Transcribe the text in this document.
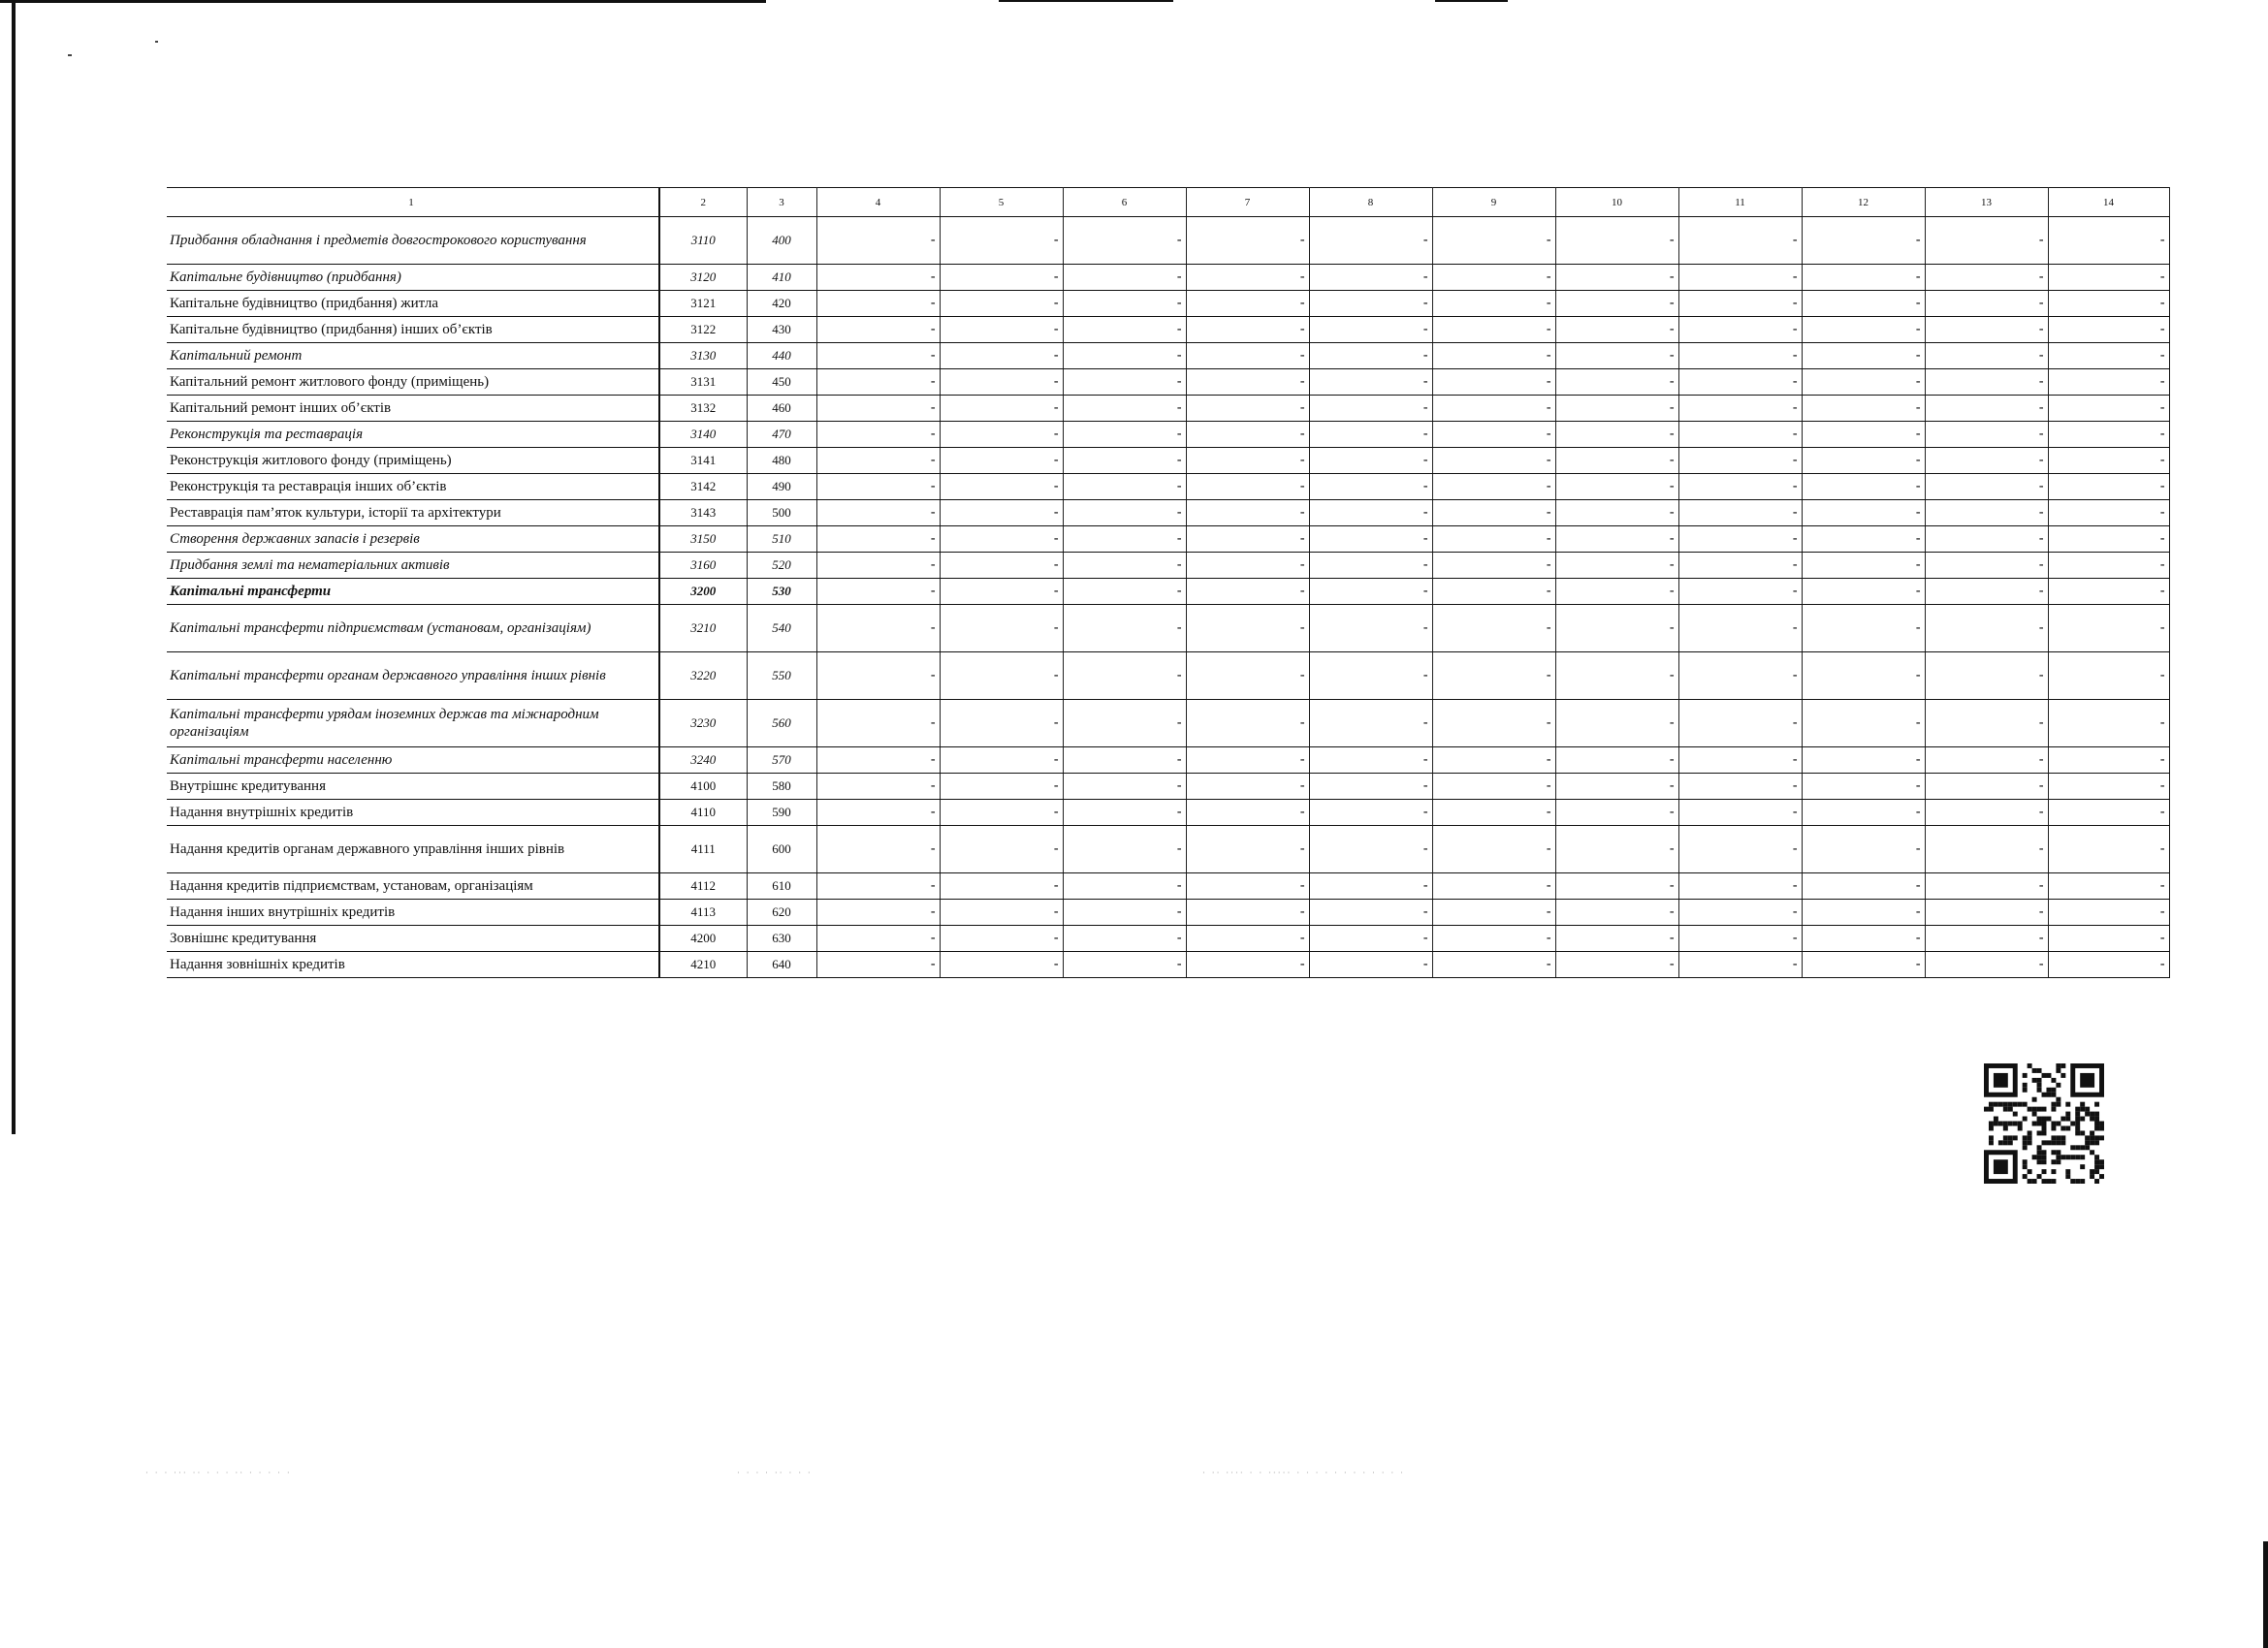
1	2	3	4	5	6	7	8	9	10	11	12	13	14
Придбання обладнання і предметів довгострокового користування	3110	400	-	-	-	-	-	-	-	-	-	-	-
Капітальне будівництво (придбання)	3120	410	-	-	-	-	-	-	-	-	-	-	-
Капітальне будівництво (придбання) житла	3121	420	-	-	-	-	-	-	-	-	-	-	-
Капітальне будівництво (придбання) інших об’єктів	3122	430	-	-	-	-	-	-	-	-	-	-	-
Капітальний ремонт	3130	440	-	-	-	-	-	-	-	-	-	-	-
Капітальний ремонт житлового фонду (приміщень)	3131	450	-	-	-	-	-	-	-	-	-	-	-
Капітальний ремонт інших об’єктів	3132	460	-	-	-	-	-	-	-	-	-	-	-
Реконструкція та реставрація	3140	470	-	-	-	-	-	-	-	-	-	-	-
Реконструкція житлового фонду (приміщень)	3141	480	-	-	-	-	-	-	-	-	-	-	-
Реконструкція та реставрація інших об’єктів	3142	490	-	-	-	-	-	-	-	-	-	-	-
Реставрація пам’яток культури, історії та архітектури	3143	500	-	-	-	-	-	-	-	-	-	-	-
Створення державних запасів і резервів	3150	510	-	-	-	-	-	-	-	-	-	-	-
Придбання землі та нематеріальних активів	3160	520	-	-	-	-	-	-	-	-	-	-	-
Капітальні трансферти	3200	530	-	-	-	-	-	-	-	-	-	-	-
Капітальні трансферти підприємствам (установам, організаціям)	3210	540	-	-	-	-	-	-	-	-	-	-	-
Капітальні трансферти органам державного управління інших рівнів	3220	550	-	-	-	-	-	-	-	-	-	-	-
Капітальні трансферти урядам іноземних держав та міжнародним організаціям	3230	560	-	-	-	-	-	-	-	-	-	-	-
Капітальні трансферти населенню	3240	570	-	-	-	-	-	-	-	-	-	-	-
Внутрішнє кредитування	4100	580	-	-	-	-	-	-	-	-	-	-	-
Надання внутрішніх кредитів	4110	590	-	-	-	-	-	-	-	-	-	-	-
Надання кредитів органам державного управління інших рівнів	4111	600	-	-	-	-	-	-	-	-	-	-	-
Надання кредитів підприємствам, установам, організаціям	4112	610	-	-	-	-	-	-	-	-	-	-	-
Надання інших внутрішніх кредитів	4113	620	-	-	-	-	-	-	-	-	-	-	-
Зовнішнє кредитування	4200	630	-	-	-	-	-	-	-	-	-	-	-
Надання зовнішніх кредитів	4210	640	-	-	-	-	-	-	-	-	-	-	-
· · · ··· ·· · · · ·· · · · · ·	· · · · ·· · · ·	· ·· ···· · · ····· · · · · · · · · · · · ·
